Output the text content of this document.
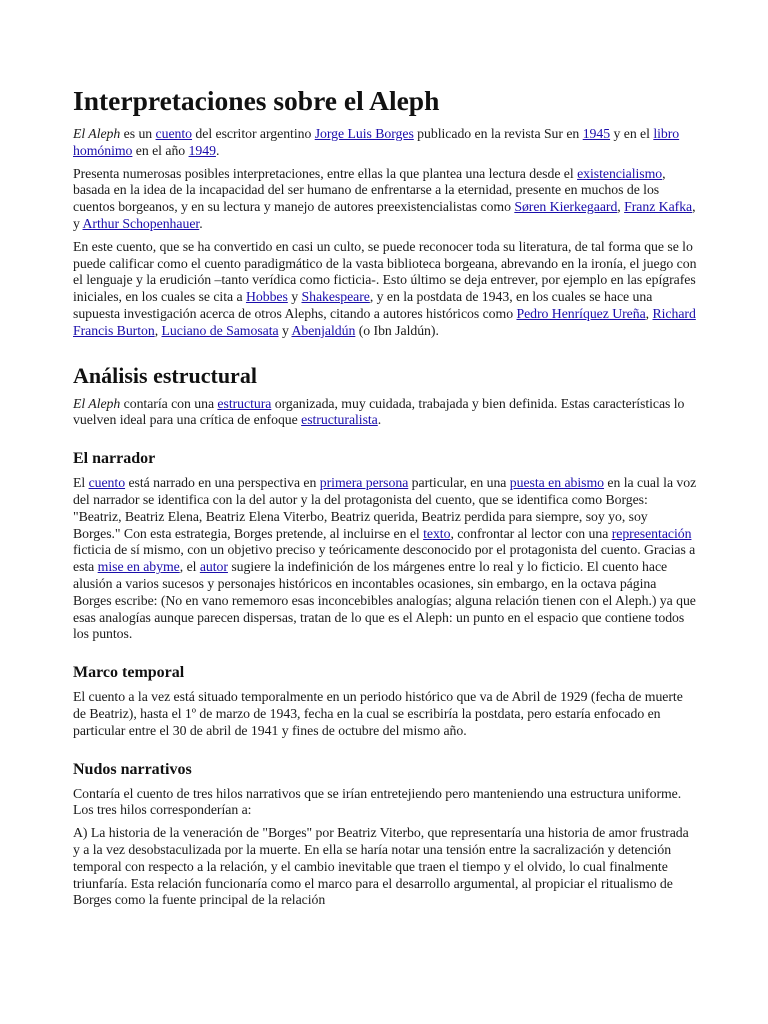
Interpretaciones sobre el Aleph

El Aleph es un cuento del escritor argentino Jorge Luis Borges publicado en la revista Sur en 1945 y en el libro homónimo en el año 1949.

Presenta numerosas posibles interpretaciones, entre ellas la que plantea una lectura desde el existencialismo, basada en la idea de la incapacidad del ser humano de enfrentarse a la eternidad, presente en muchos de los cuentos borgeanos, y en su lectura y manejo de autores preexistencialistas como Søren Kierkegaard, Franz Kafka, y Arthur Schopenhauer.

En este cuento, que se ha convertido en casi un culto, se puede reconocer toda su literatura, de tal forma que se lo puede calificar como el cuento paradigmático de la vasta biblioteca borgeana, abrevando en la ironía, el juego con el lenguaje y la erudición –tanto verídica como ficticia-. Esto último se deja entrever, por ejemplo en las epígrafes iniciales, en los cuales se cita a Hobbes y Shakespeare, y en la postdata de 1943, en los cuales se hace una supuesta investigación acerca de otros Alephs, citando a autores históricos como Pedro Henríquez Ureña, Richard Francis Burton, Luciano de Samosata y Abenjaldún (o Ibn Jaldún).

Análisis estructural

El Aleph contaría con una estructura organizada, muy cuidada, trabajada y bien definida. Estas características lo vuelven ideal para una crítica de enfoque estructuralista.

El narrador

El cuento está narrado en una perspectiva en primera persona particular, en una puesta en abismo en la cual la voz del narrador se identifica con la del autor y la del protagonista del cuento, que se identifica como Borges: "Beatriz, Beatriz Elena, Beatriz Elena Viterbo, Beatriz querida, Beatriz perdida para siempre, soy yo, soy Borges." Con esta estrategia, Borges pretende, al incluirse en el texto, confrontar al lector con una representación ficticia de sí mismo, con un objetivo preciso y teóricamente desconocido por el protagonista del cuento. Gracias a esta mise en abyme, el autor sugiere la indefinición de los márgenes entre lo real y lo ficticio. El cuento hace alusión a varios sucesos y personajes históricos en incontables ocasiones, sin embargo, en la octava página Borges escribe: (No en vano rememoro esas inconcebibles analogías; alguna relación tienen con el Aleph.) ya que esas analogías aunque parecen dispersas, tratan de lo que es el Aleph: un punto en el espacio que contiene todos los puntos.

Marco temporal

El cuento a la vez está situado temporalmente en un periodo histórico que va de Abril de 1929 (fecha de muerte de Beatriz), hasta el 1º de marzo de 1943, fecha en la cual se escribiría la postdata, pero estaría enfocado en particular entre el 30 de abril de 1941 y fines de octubre del mismo año.

Nudos narrativos

Contaría el cuento de tres hilos narrativos que se irían entretejiendo pero manteniendo una estructura uniforme. Los tres hilos corresponderían a:

A) La historia de la veneración de "Borges" por Beatriz Viterbo, que representaría una historia de amor frustrada y a la vez desobstaculizada por la muerte. En ella se haría notar una tensión entre la sacralización y detención temporal con respecto a la relación, y el cambio inevitable que traen el tiempo y el olvido, lo cual finalmente triunfaría. Esta relación funcionaría como el marco para el desarrollo argumental, al propiciar el ritualismo de Borges como la fuente principal de la relación
